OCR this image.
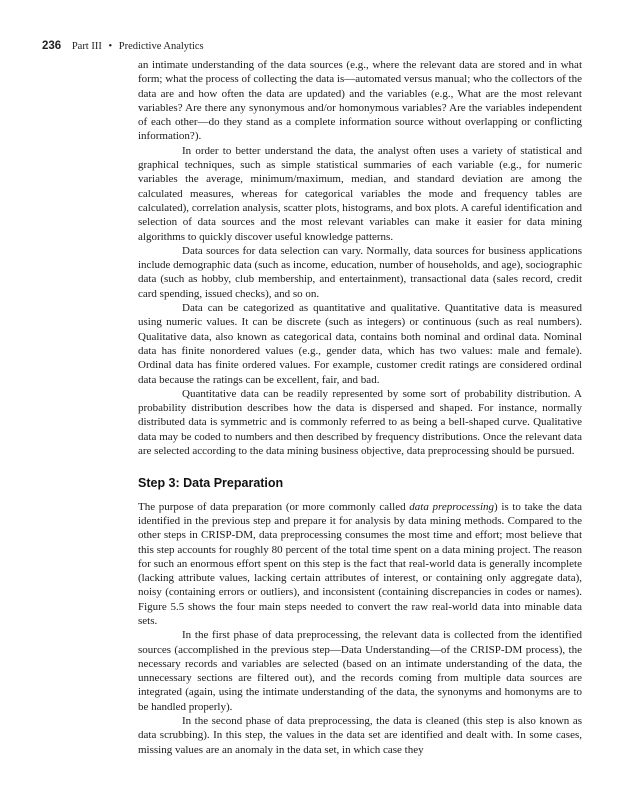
236 Part III • Predictive Analytics

an intimate understanding of the data sources (e.g., where the relevant data are stored and in what form; what the process of collecting the data is—automated versus manual; who the collectors of the data are and how often the data are updated) and the variables (e.g., What are the most relevant variables? Are there any synonymous and/or homonymous variables? Are the variables independent of each other—do they stand as a complete information source without overlapping or conflicting information?).

In order to better understand the data, the analyst often uses a variety of statistical and graphical techniques, such as simple statistical summaries of each variable (e.g., for numeric variables the average, minimum/maximum, median, and standard deviation are among the calculated measures, whereas for categorical variables the mode and frequency tables are calculated), correlation analysis, scatter plots, histograms, and box plots. A careful identification and selection of data sources and the most relevant variables can make it easier for data mining algorithms to quickly discover useful knowledge patterns.

Data sources for data selection can vary. Normally, data sources for business applications include demographic data (such as income, education, number of households, and age), sociographic data (such as hobby, club membership, and entertainment), transactional data (sales record, credit card spending, issued checks), and so on.

Data can be categorized as quantitative and qualitative. Quantitative data is measured using numeric values. It can be discrete (such as integers) or continuous (such as real numbers). Qualitative data, also known as categorical data, contains both nominal and ordinal data. Nominal data has finite nonordered values (e.g., gender data, which has two values: male and female). Ordinal data has finite ordered values. For example, customer credit ratings are considered ordinal data because the ratings can be excellent, fair, and bad.

Quantitative data can be readily represented by some sort of probability distribution. A probability distribution describes how the data is dispersed and shaped. For instance, normally distributed data is symmetric and is commonly referred to as being a bell-shaped curve. Qualitative data may be coded to numbers and then described by frequency distributions. Once the relevant data are selected according to the data mining business objective, data preprocessing should be pursued.

Step 3: Data Preparation

The purpose of data preparation (or more commonly called data preprocessing) is to take the data identified in the previous step and prepare it for analysis by data mining methods. Compared to the other steps in CRISP-DM, data preprocessing consumes the most time and effort; most believe that this step accounts for roughly 80 percent of the total time spent on a data mining project. The reason for such an enormous effort spent on this step is the fact that real-world data is generally incomplete (lacking attribute values, lacking certain attributes of interest, or containing only aggregate data), noisy (containing errors or outliers), and inconsistent (containing discrepancies in codes or names). Figure 5.5 shows the four main steps needed to convert the raw real-world data into minable data sets.

In the first phase of data preprocessing, the relevant data is collected from the identified sources (accomplished in the previous step—Data Understanding—of the CRISP-DM process), the necessary records and variables are selected (based on an intimate understanding of the data, the unnecessary sections are filtered out), and the records coming from multiple data sources are integrated (again, using the intimate understanding of the data, the synonyms and homonyms are to be handled properly).

In the second phase of data preprocessing, the data is cleaned (this step is also known as data scrubbing). In this step, the values in the data set are identified and dealt with. In some cases, missing values are an anomaly in the data set, in which case they
